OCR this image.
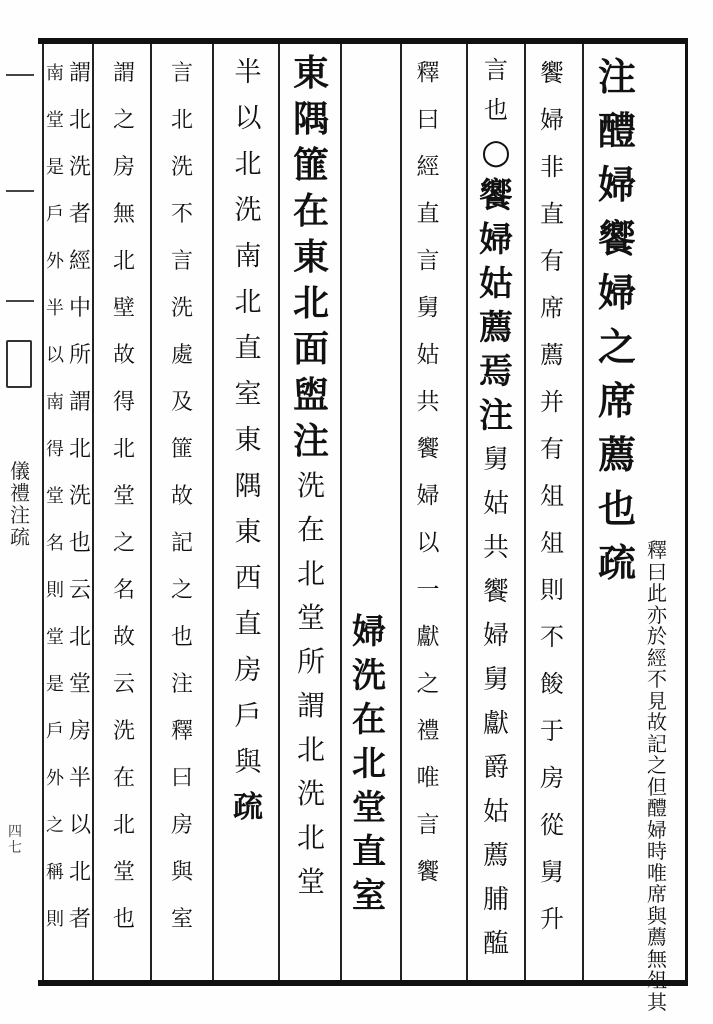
儀
禮
注
疏
四
七
注
醴
婦
饗
婦
之
席
薦
也
疏 釋
曰
此
亦
於
經
不
見
故
記
之
但
醴
婦
時
唯
席
與
薦
無
俎
其
饗
婦
非
直
有
席
薦
并
有
俎
俎
則
不
餕
于
房
從
舅
升
言
也
○
饗
婦
姑
薦
焉
注
舅
姑
共
饗
婦
舅
獻
爵
姑
薦
脯
醢
釋
曰
經
直
言
舅
姑
共
饗
婦
以
一
獻
之
禮
唯
言
饗
東
隅
篚
在
東
北
面
盥
注
洗
在
北
堂
所
謂
北
洗
北
堂
婦
洗
在
北
堂
直
室
半
以
北
洗
南
北
直
室
東
隅
東
西
直
房
戶
與
疏
言
北
洗
不
言
洗
處
及
篚
故
記
之
也
注
釋
曰
房
與
室
謂
之
房
無
北
壁
故
得
北
堂
之
名
故
云
洗
在
北
堂
也
謂
北
洗
者
經
中
所
謂
北
洗
也
云
北
堂
房
半
以
北
者
南
堂
是
戶
外
半
以
南
得
堂
名
則
堂
是
戶
外
之
稱
則
